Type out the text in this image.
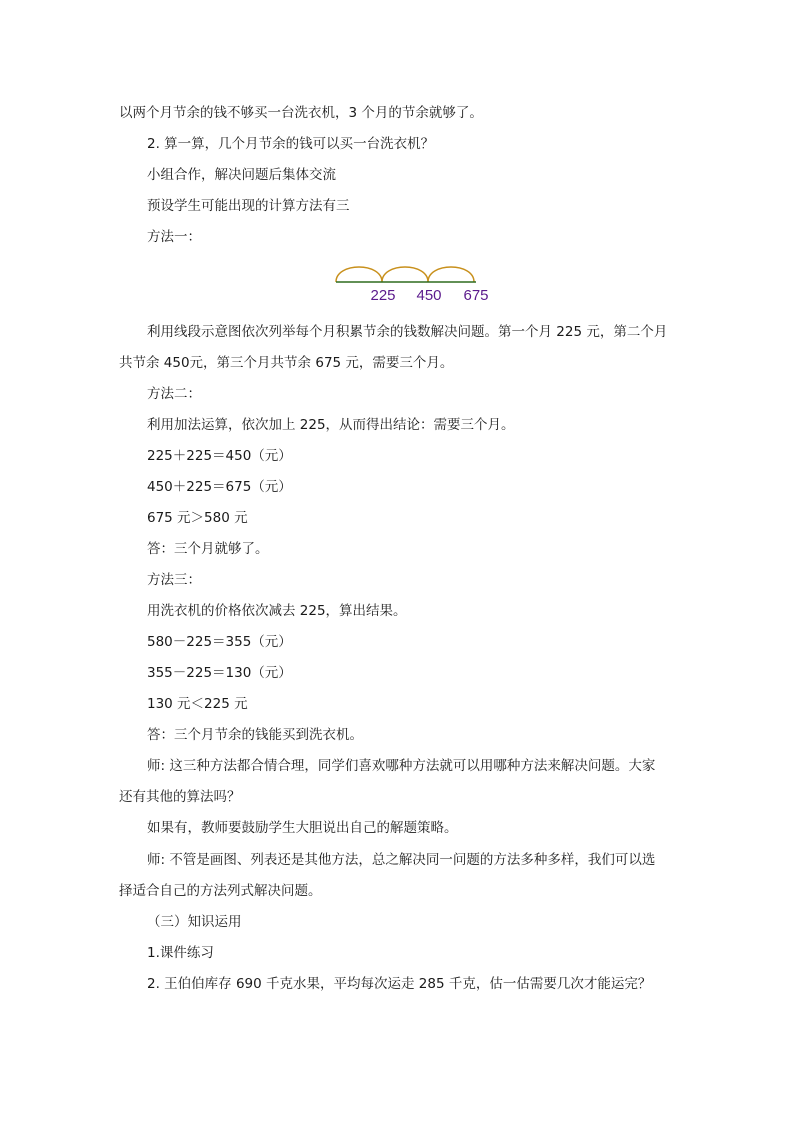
以两个月节余的钱不够买一台洗衣机，3 个月的节余就够了。
2. 算一算，几个月节余的钱可以买一台洗衣机？
小组合作，解决问题后集体交流
预设学生可能出现的计算方法有三
方法一：
225 450 675
利用线段示意图依次列举每个月积累节余的钱数解决问题。第一个月 225 元，第二个月
共节余 450元，第三个月共节余 675 元，需要三个月。
方法二：
利用加法运算，依次加上 225，从而得出结论：需要三个月。
225＋225＝450（元）
450＋225＝675（元）
675 元＞580 元
答：三个月就够了。
方法三：
用洗衣机的价格依次减去 225，算出结果。
580－225＝355（元）
355－225＝130（元）
130 元＜225 元
答：三个月节余的钱能买到洗衣机。
师: 这三种方法都合情合理，同学们喜欢哪种方法就可以用哪种方法来解决问题。大家
还有其他的算法吗？
如果有，教师要鼓励学生大胆说出自己的解题策略。
师: 不管是画图、列表还是其他方法，总之解决同一问题的方法多种多样，我们可以选
择适合自己的方法列式解决问题。
（三）知识运用
1.课件练习
2. 王伯伯库存 690 千克水果，平均每次运走 285 千克，估一估需要几次才能运完？
